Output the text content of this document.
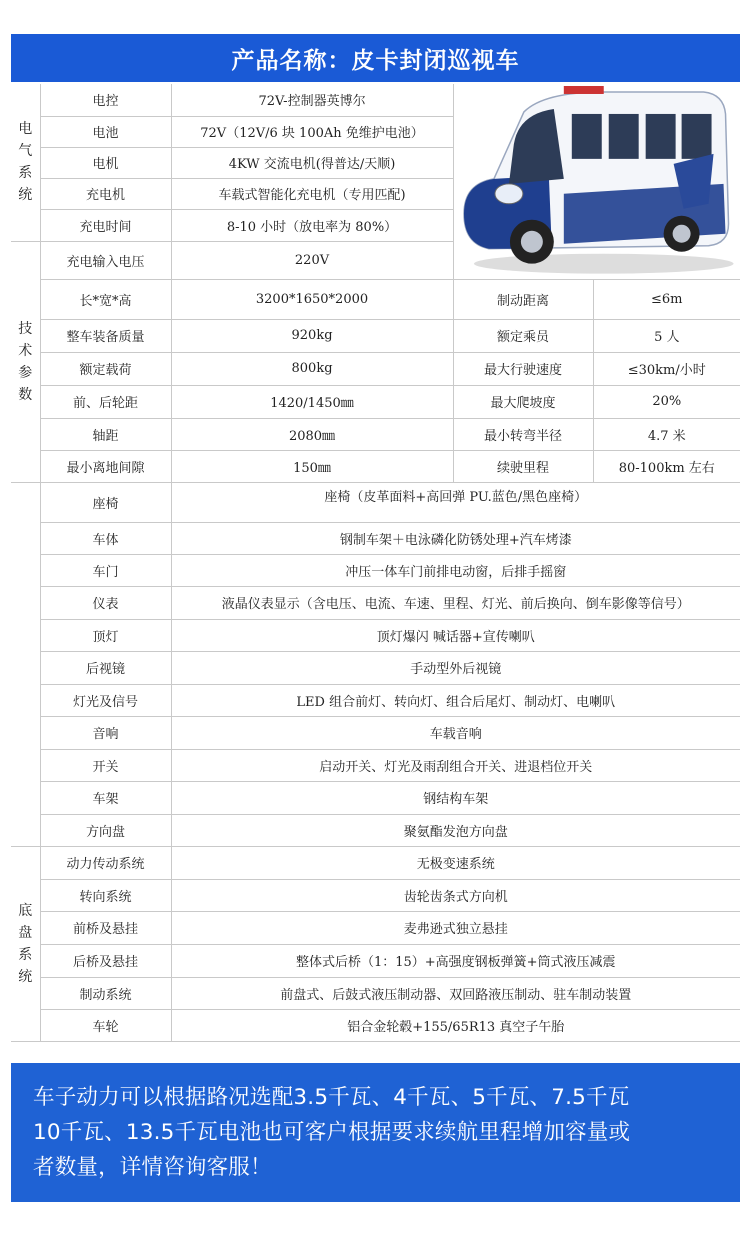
产品名称：皮卡封闭巡视车
电气系统	电控	72V-控制器英博尔	

	电池	72V（12V/6 块 100Ah 免维护电池）		
	电机	4KW 交流电机(得普达/天顺)		
	充电机	车载式智能化充电机（专用匹配)		
	充电时间	8-10 小时（放电率为 80%）		
技术参数	充电输入电压	220V		
	长*宽*高	3200*1650*2000	制动距离	≤6m
	整车装备质量	920kg	额定乘员	5 人
	额定载荷	800kg	最大行驶速度	≤30km/小时
	前、后轮距	1420/1450㎜	最大爬坡度	20%
	轴距	2080㎜	最小转弯半径	4.7 米
	最小离地间隙	150㎜	续驶里程	80-100km 左右
	座椅	座椅（皮革面料+高回弹 PU.蓝色/黑色座椅）		
	车体	钢制车架＋电泳磷化防锈处理+汽车烤漆		
	车门	冲压一体车门前排电动窗，后排手摇窗		
	仪表	液晶仪表显示（含电压、电流、车速、里程、灯光、前后换向、倒车影像等信号）		
	顶灯	顶灯爆闪 喊话器+宣传喇叭		
	后视镜	手动型外后视镜		
	灯光及信号	LED 组合前灯、转向灯、组合后尾灯、制动灯、电喇叭		
	音响	车载音响		
	开关	启动开关、灯光及雨刮组合开关、进退档位开关		
	车架	钢结构车架		
	方向盘	聚氨酯发泡方向盘		
底盘系统	动力传动系统	无极变速系统		
	转向系统	齿轮齿条式方向机		
	前桥及悬挂	麦弗逊式独立悬挂		
	后桥及悬挂	整体式后桥（1：15）+高强度钢板弹簧+筒式液压减震		
	制动系统	前盘式、后鼓式液压制动器、双回路液压制动、驻车制动装置		
	车轮	铝合金轮毂+155/65R13 真空子午胎		
车子动力可以根据路况选配3.5千瓦、4千瓦、5千瓦、7.5千瓦
10千瓦、13.5千瓦电池也可客户根据要求续航里程增加容量或
者数量，详情咨询客服！
